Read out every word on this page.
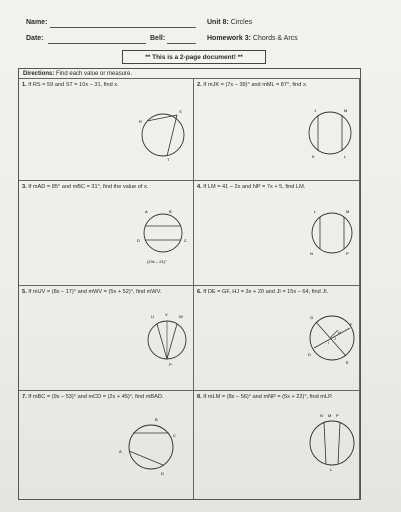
Name:
Date:	Bell:
Unit 8: Circles
Homework 3: Chords & Arcs
** This is a 2-page document! **
Directions: Find each value or measure.
1. If RS = 59 and ST = 10x – 31, find x.
R
S
T
2. If mJK = (7x – 39)° and mML = 87°, find x.
J	M
K	L
3. If mAD = 85° and mBC = 31°, find the value of x.
A	B
C
D
(13x – 21)°
4. If LM = 41 – 2x and NP = 7x + 5, find LM.
L	M
N	P
5. If mUV = (8x – 17)° and mWV = (5x + 52)°, find mWV.
U	W
V
P
6. If DE = GF, HJ = 3x + 20 and JI = 15x – 64, find JI.
G
F
D
E
H
I
J
7. If mBC = (9x – 53)° and mCD = (2x + 45)°, find mBAD.
B
A
C
D
8. If mLM = (8x – 56)° and mNP = (5x + 22)°, find mLP.
N M P
L
